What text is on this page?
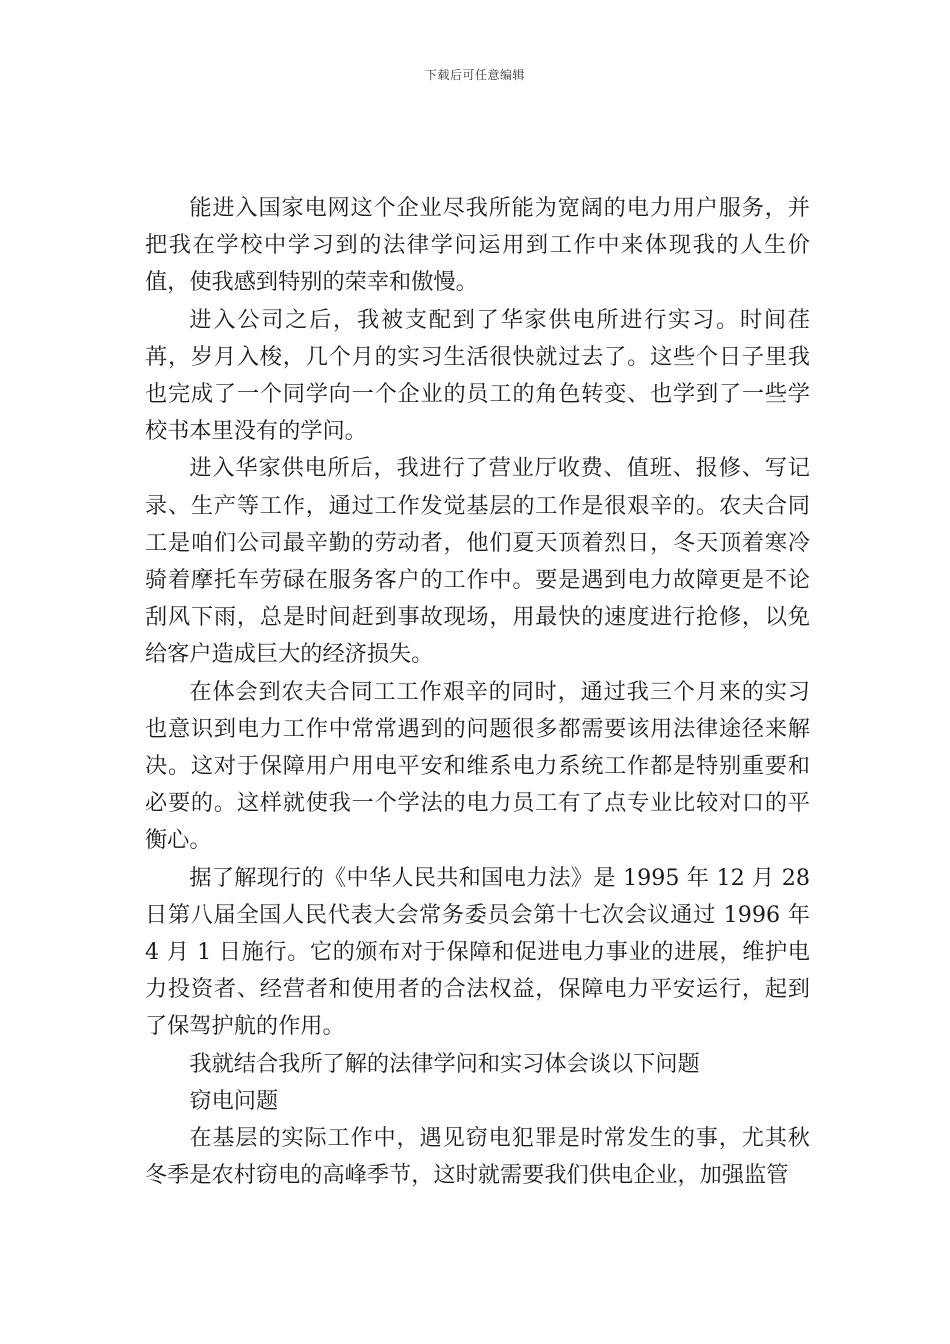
下载后可任意编辑

能进入国家电网这个企业尽我所能为宽阔的电力用户服务，并把我在学校中学习到的法律学问运用到工作中来体现我的人生价值，使我感到特别的荣幸和傲慢。

进入公司之后，我被支配到了华家供电所进行实习。时间荏苒，岁月入梭，几个月的实习生活很快就过去了。这些个日子里我也完成了一个同学向一个企业的员工的角色转变、也学到了一些学校书本里没有的学问。

进入华家供电所后，我进行了营业厅收费、值班、报修、写记录、生产等工作，通过工作发觉基层的工作是很艰辛的。农夫合同工是咱们公司最辛勤的劳动者，他们夏天顶着烈日，冬天顶着寒冷骑着摩托车劳碌在服务客户的工作中。要是遇到电力故障更是不论刮风下雨，总是时间赶到事故现场，用最快的速度进行抢修，以免给客户造成巨大的经济损失。

在体会到农夫合同工工作艰辛的同时，通过我三个月来的实习也意识到电力工作中常常遇到的问题很多都需要该用法律途径来解决。这对于保障用户用电平安和维系电力系统工作都是特别重要和必要的。这样就使我一个学法的电力员工有了点专业比较对口的平衡心。

据了解现行的《中华人民共和国电力法》是 1995 年 12 月 28 日第八届全国人民代表大会常务委员会第十七次会议通过 1996 年 4 月 1 日施行。它的颁布对于保障和促进电力事业的进展，维护电力投资者、经营者和使用者的合法权益，保障电力平安运行，起到了保驾护航的作用。

我就结合我所了解的法律学问和实习体会谈以下问题

窃电问题

在基层的实际工作中，遇见窃电犯罪是时常发生的事，尤其秋冬季是农村窃电的高峰季节，这时就需要我们供电企业，加强监管
